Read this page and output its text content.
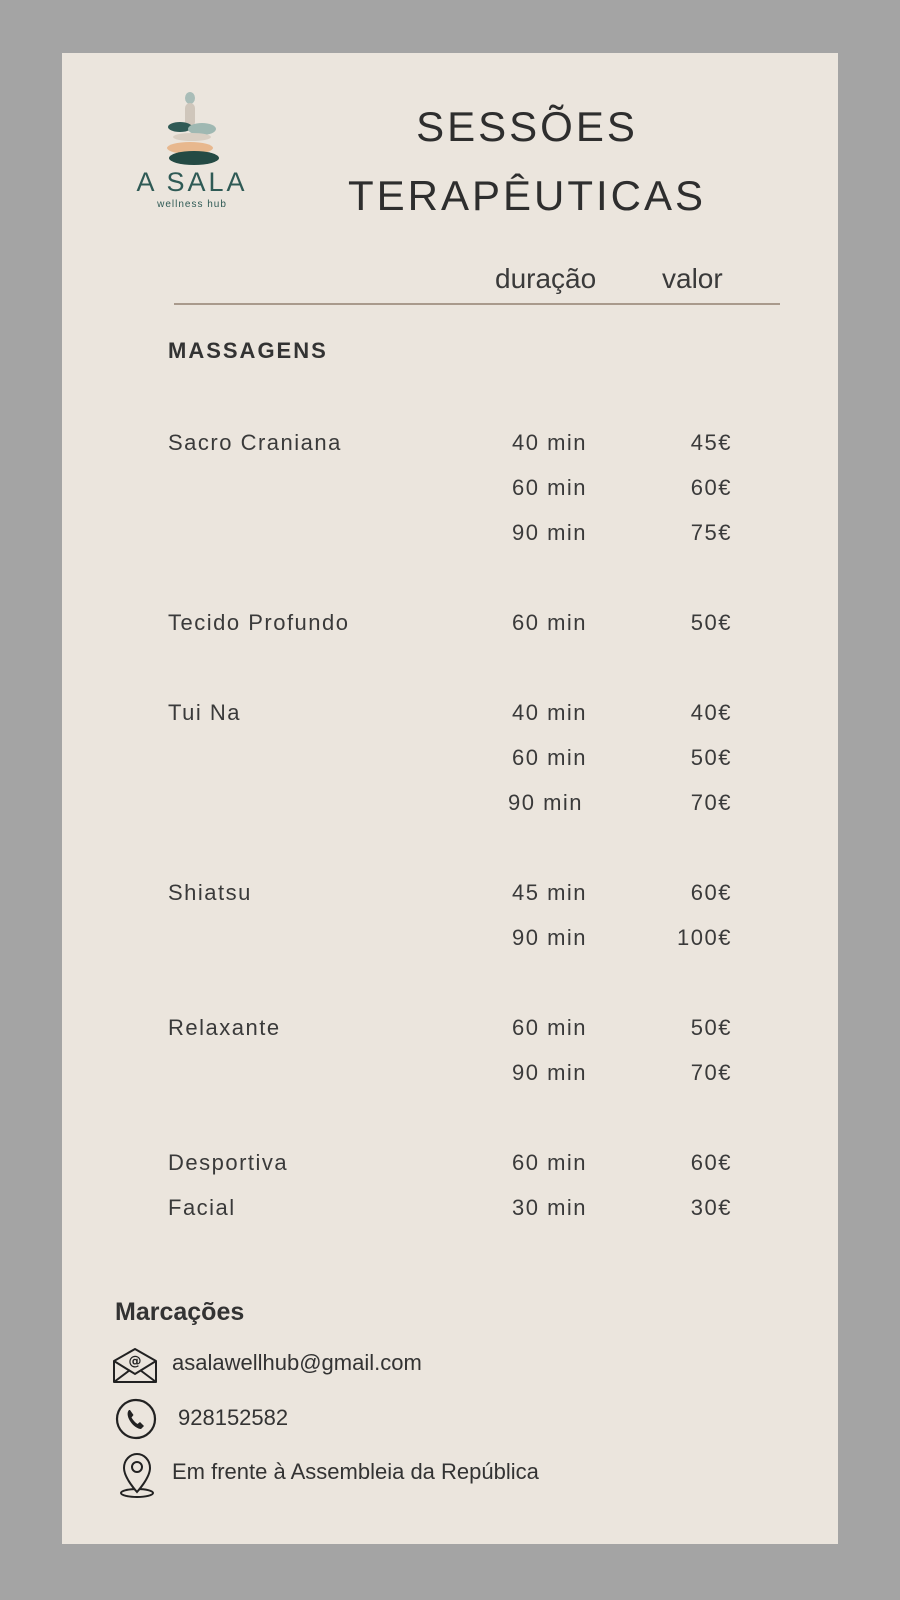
A SALA
wellness hub
SESSÕES
TERAPÊUTICAS
duração valor
MASSAGENS
Sacro Craniana	40 min	45€
60 min	60€
90 min	75€
Tecido Profundo	60 min	50€
Tui Na	40 min	40€
60 min	50€
90 min	70€
Shiatsu	45 min	60€
90 min	100€
Relaxante	60 min	50€
90 min	70€
Desportiva	60 min	60€
Facial	30 min	30€
Marcações
@ asalawellhub@gmail.com
928152582
Em frente à Assembleia da República
